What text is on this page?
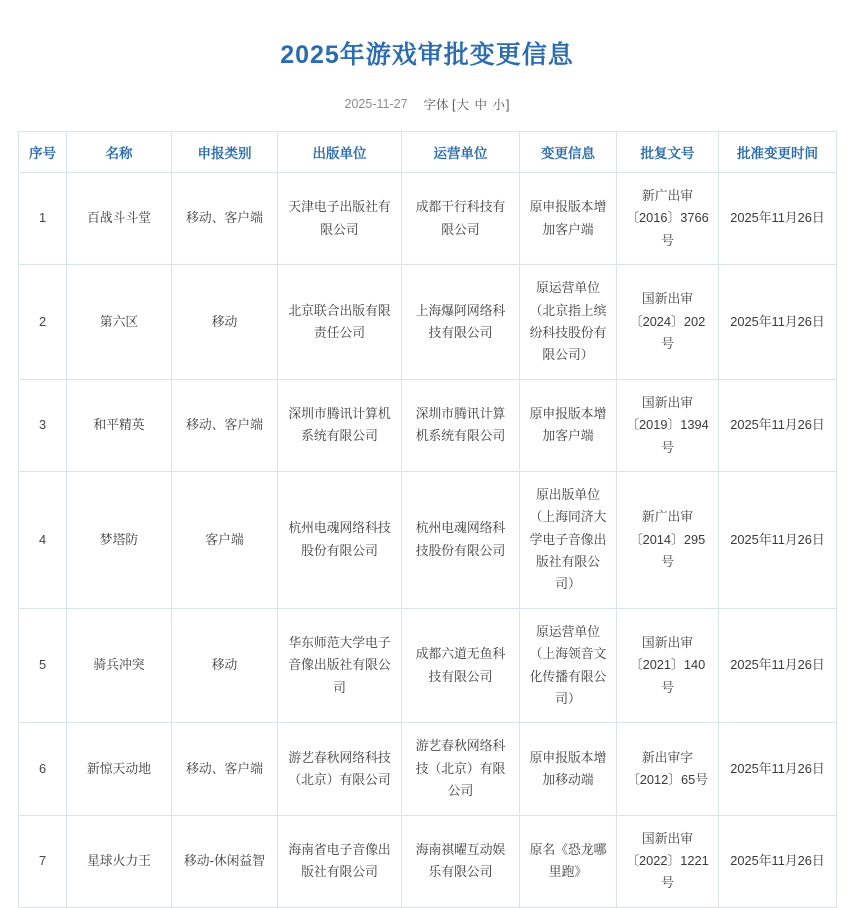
2025年游戏审批变更信息
2025-11-27 字体 [大 中 小]
序号	名称	申报类别	出版单位	运营单位	变更信息	批复文号	批准变更时间
1	百战斗斗堂	移动、客户端	天津电子出版社有限公司	成都干行科技有限公司	原申报版本增加客户端	新广出审〔2016〕3766号	2025年11月26日
2	第六区	移动	北京联合出版有限责任公司	上海爆阿网络科技有限公司	原运营单位（北京指上缤纷科技股份有限公司）	国新出审〔2024〕202号	2025年11月26日
3	和平精英	移动、客户端	深圳市腾讯计算机系统有限公司	深圳市腾讯计算机系统有限公司	原申报版本增加客户端	国新出审〔2019〕1394号	2025年11月26日
4	梦塔防	客户端	杭州电魂网络科技股份有限公司	杭州电魂网络科技股份有限公司	原出版单位（上海同济大学电子音像出版社有限公司）	新广出审〔2014〕295号	2025年11月26日
5	骑兵冲突	移动	华东师范大学电子音像出版社有限公司	成都六道无鱼科技有限公司	原运营单位（上海领音文化传播有限公司）	国新出审〔2021〕140号	2025年11月26日
6	新惊天动地	移动、客户端	游艺春秋网络科技（北京）有限公司	游艺春秋网络科技（北京）有限公司	原申报版本增加移动端	新出审字〔2012〕65号	2025年11月26日
7	星球火力王	移动-休闲益智	海南省电子音像出版社有限公司	海南祺曜互动娱乐有限公司	原名《恐龙哪里跑》	国新出审〔2022〕1221号	2025年11月26日
